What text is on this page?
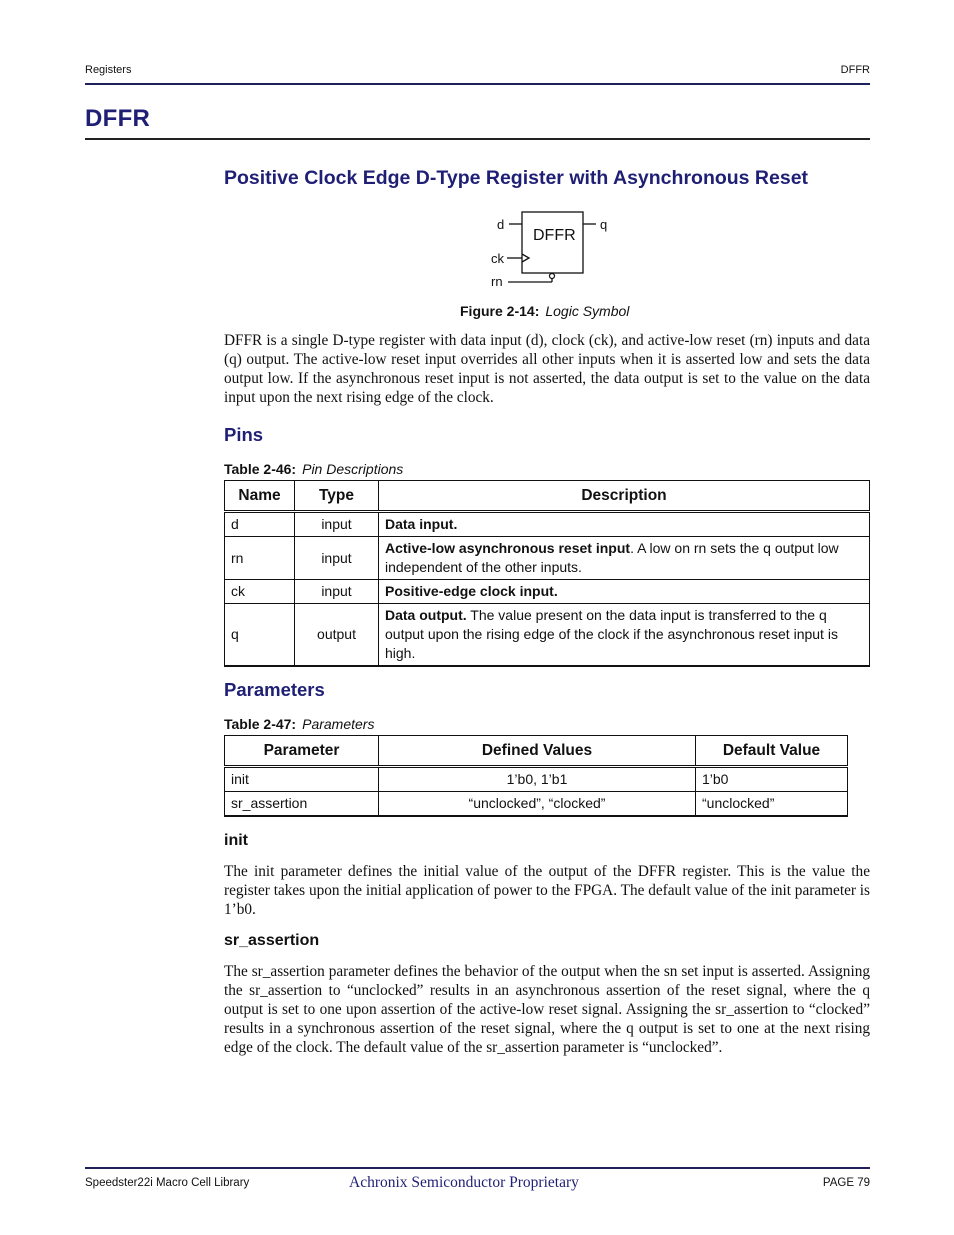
Registers	DFFR
DFFR
Positive Clock Edge D-Type Register with Asynchronous Reset
DFFR
d	q
ck
rn
Figure 2-14: Logic Symbol
DFFR is a single D-type register with data input (d), clock (ck), and active-low reset (rn) inputs and data (q) output. The active-low reset input overrides all other inputs when it is asserted low and sets the data output low. If the asynchronous reset input is not asserted, the data output is set to the value on the data input upon the next rising edge of the clock.
Pins
Table 2-46: Pin Descriptions
Name	Type	Description
d	input	Data input.
rn	input	Active-low asynchronous reset input. A low on rn sets the q output low independent of the other inputs.
ck	input	Positive-edge clock input.
q	output	Data output. The value present on the data input is transferred to the q output upon the rising edge of the clock if the asynchronous reset input is high.
Parameters
Table 2-47: Parameters
Parameter	Defined Values	Default Value
init	1’b0, 1’b1	1’b0
sr_assertion	“unclocked”, “clocked”	“unclocked”
init
The init parameter defines the initial value of the output of the DFFR register. This is the value the register takes upon the initial application of power to the FPGA. The default value of the init parameter is 1’b0.
sr_assertion
The sr_assertion parameter defines the behavior of the output when the sn set input is asserted. Assigning the sr_assertion to “unclocked” results in an asynchronous assertion of the reset signal, where the q output is set to one upon assertion of the active-low reset signal. Assigning the sr_assertion to “clocked” results in a synchronous assertion of the reset signal, where the q output is set to one at the next rising edge of the clock. The default value of the sr_assertion parameter is “unclocked”.
Speedster22i Macro Cell Library	Achronix Semiconductor Proprietary	PAGE 79
